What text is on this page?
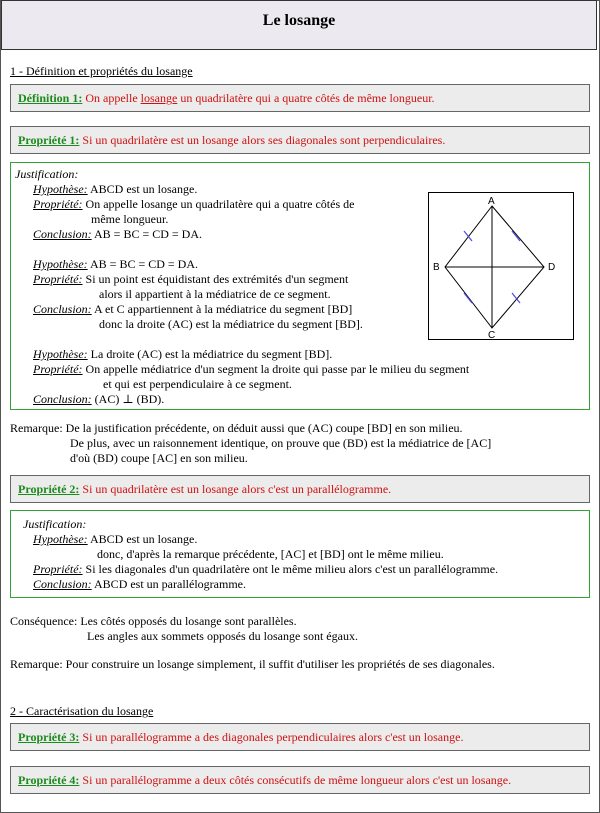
Le losange
1 - Définition et propriétés du losange
Définition 1: On appelle losange un quadrilatère qui a quatre côtés de même longueur.
Propriété 1: Si un quadrilatère est un losange alors ses diagonales sont perpendiculaires.
Justification:
Hypothèse: ABCD est un losange.
Propriété: On appelle losange un quadrilatère qui a quatre côtés de
même longueur.
Conclusion: AB = BC = CD = DA.
Hypothèse: AB = BC = CD = DA.
Propriété: Si un point est équidistant des extrémités d'un segment
alors il appartient à la médiatrice de ce segment.
Conclusion: A et C appartiennent à la médiatrice du segment [BD]
donc la droite (AC) est la médiatrice du segment [BD].
Hypothèse: La droite (AC) est la médiatrice du segment [BD].
Propriété: On appelle médiatrice d'un segment la droite qui passe par le milieu du segment
et qui est perpendiculaire à ce segment.
Conclusion: (AC) ⊥ (BD).
A
B
C
D
Remarque: De la justification précédente, on déduit aussi que (AC) coupe [BD] en son milieu.
De plus, avec un raisonnement identique, on prouve que (BD) est la médiatrice de [AC]
d'où (BD) coupe [AC] en son milieu.
Propriété 2: Si un quadrilatère est un losange alors c'est un parallélogramme.
Justification:
Hypothèse: ABCD est un losange.
donc, d'après la remarque précédente, [AC] et [BD] ont le même milieu.
Propriété: Si les diagonales d'un quadrilatère ont le même milieu alors c'est un parallélogramme.
Conclusion: ABCD est un parallélogramme.
Conséquence: Les côtés opposés du losange sont parallèles.
Les angles aux sommets opposés du losange sont égaux.
Remarque: Pour construire un losange simplement, il suffit d'utiliser les propriétés de ses diagonales.
2 - Caractérisation du losange
Propriété 3: Si un parallélogramme a des diagonales perpendiculaires alors c'est un losange.
Propriété 4: Si un parallélogramme a deux côtés consécutifs de même longueur alors c'est un losange.
